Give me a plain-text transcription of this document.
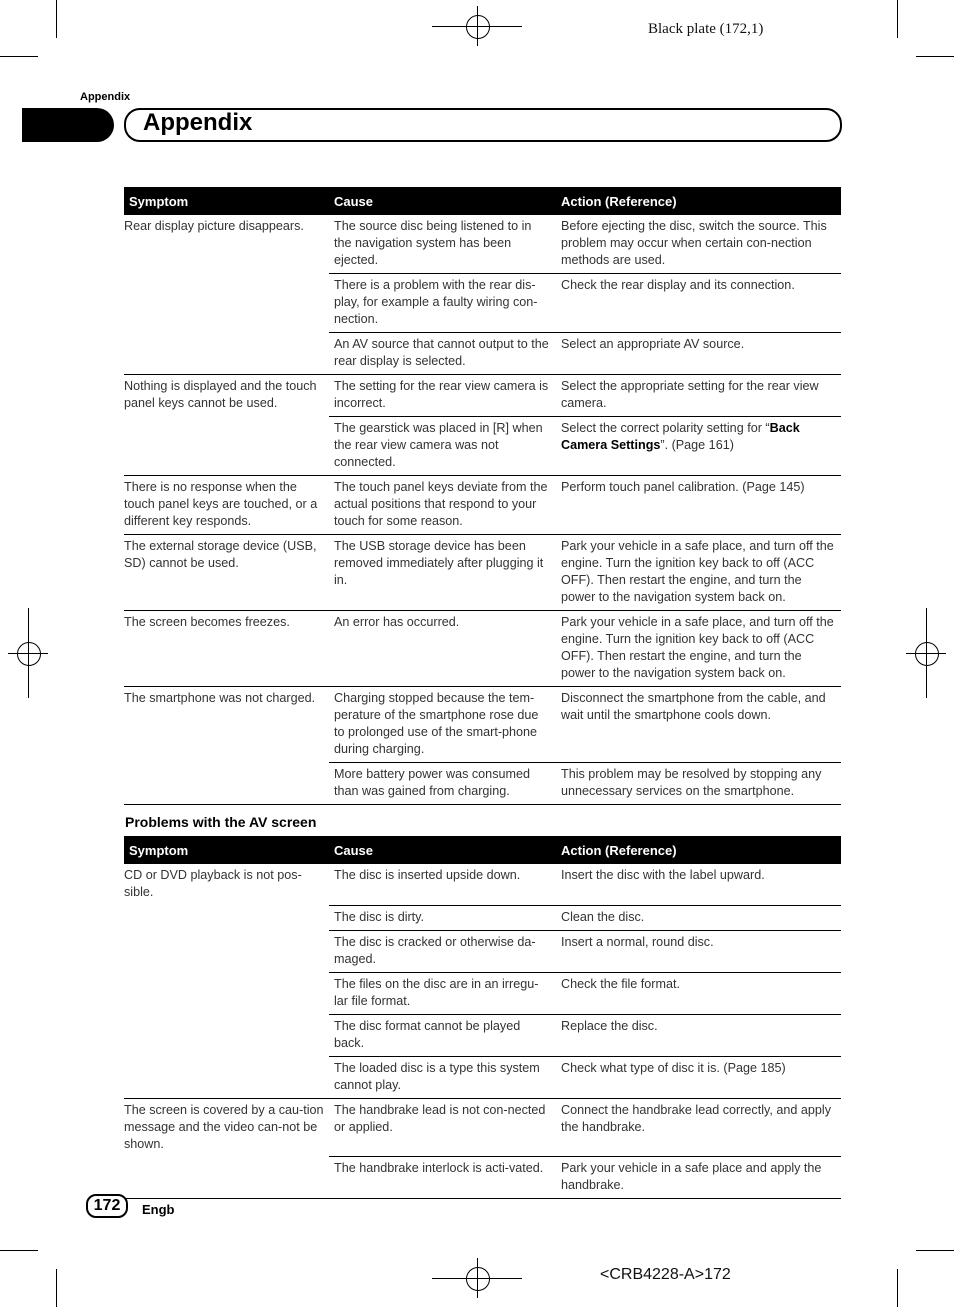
Black plate (172,1)
Appendix
Appendix
Symptom	Cause	Action (Reference)
Rear display picture disappears.	The source disc being listened to in the navigation system has been ejected.	Before ejecting the disc, switch the source. This problem may occur when certain con-nection methods are used.
	There is a problem with the rear dis-play, for example a faulty wiring con-nection.	Check the rear display and its connection.
	An AV source that cannot output to the rear display is selected.	Select an appropriate AV source.
Nothing is displayed and the touch panel keys cannot be used.	The setting for the rear view camera is incorrect.	Select the appropriate setting for the rear view camera.
	The gearstick was placed in [R] when the rear view camera was not connected.	Select the correct polarity setting for “Back Camera Settings”. (Page 161)
There is no response when the touch panel keys are touched, or a different key responds.	The touch panel keys deviate from the actual positions that respond to your touch for some reason.	Perform touch panel calibration. (Page 145)
The external storage device (USB, SD) cannot be used.	The USB storage device has been removed immediately after plugging it in.	Park your vehicle in a safe place, and turn off the engine. Turn the ignition key back to off (ACC OFF). Then restart the engine, and turn the power to the navigation system back on.
The screen becomes freezes.	An error has occurred.	Park your vehicle in a safe place, and turn off the engine. Turn the ignition key back to off (ACC OFF). Then restart the engine, and turn the power to the navigation system back on.
The smartphone was not charged.	Charging stopped because the tem-perature of the smartphone rose due to prolonged use of the smart-phone during charging.	Disconnect the smartphone from the cable, and wait until the smartphone cools down.
	More battery power was consumed than was gained from charging.	This problem may be resolved by stopping any unnecessary services on the smartphone.
Problems with the AV screen
Symptom	Cause	Action (Reference)
CD or DVD playback is not pos-sible.	The disc is inserted upside down.	Insert the disc with the label upward.
	The disc is dirty.	Clean the disc.
	The disc is cracked or otherwise da-maged.	Insert a normal, round disc.
	The files on the disc are in an irregu-lar file format.	Check the file format.
	The disc format cannot be played back.	Replace the disc.
	The loaded disc is a type this system cannot play.	Check what type of disc it is. (Page 185)
The screen is covered by a cau-tion message and the video can-not be shown.	The handbrake lead is not con-nected or applied.	Connect the handbrake lead correctly, and apply the handbrake.
	The handbrake interlock is acti-vated.	Park your vehicle in a safe place and apply the handbrake.
172	Engb
<CRB4228-A>172
